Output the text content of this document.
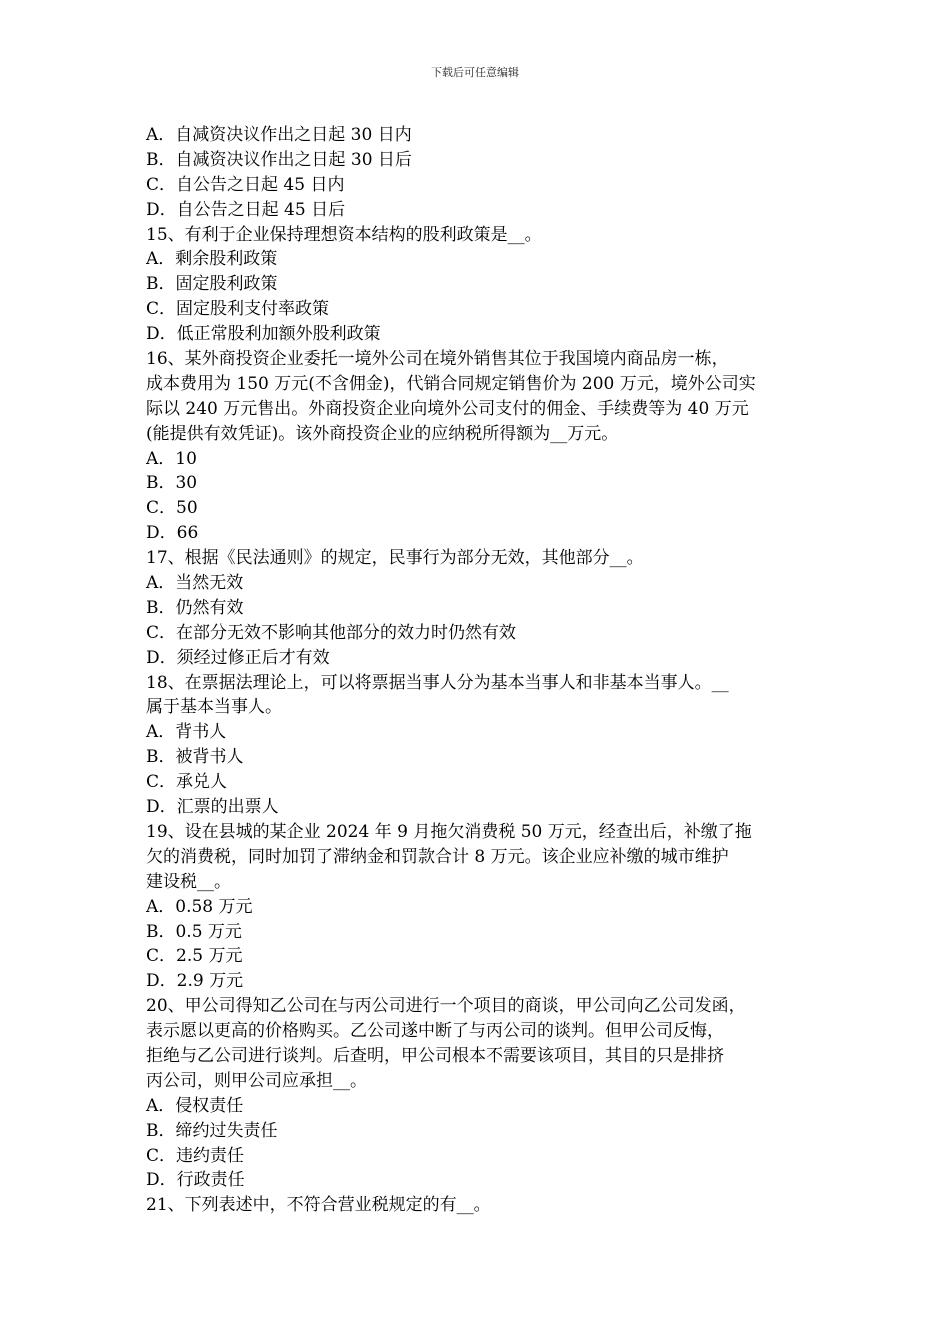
下载后可任意编辑
A．自减资决议作出之日起 30 日内
B．自减资决议作出之日起 30 日后
C．自公告之日起 45 日内
D．自公告之日起 45 日后
15、有利于企业保持理想资本结构的股利政策是__。
A．剩余股利政策
B．固定股利政策
C．固定股利支付率政策
D．低正常股利加额外股利政策
16、某外商投资企业委托一境外公司在境外销售其位于我国境内商品房一栋，
成本费用为 150 万元(不含佣金)，代销合同规定销售价为 200 万元，境外公司实
际以 240 万元售出。外商投资企业向境外公司支付的佣金、手续费等为 40 万元
(能提供有效凭证)。该外商投资企业的应纳税所得额为__万元。
A．10
B．30
C．50
D．66
17、根据《民法通则》的规定，民事行为部分无效，其他部分__。
A．当然无效
B．仍然有效
C．在部分无效不影响其他部分的效力时仍然有效
D．须经过修正后才有效
18、在票据法理论上，可以将票据当事人分为基本当事人和非基本当事人。__
属于基本当事人。
A．背书人
B．被背书人
C．承兑人
D．汇票的出票人
19、设在县城的某企业 2024 年 9 月拖欠消费税 50 万元，经查出后，补缴了拖
欠的消费税，同时加罚了滞纳金和罚款合计 8 万元。该企业应补缴的城市维护
建设税__。
A．0.58 万元
B．0.5 万元
C．2.5 万元
D．2.9 万元
20、甲公司得知乙公司在与丙公司进行一个项目的商谈，甲公司向乙公司发函，
表示愿以更高的价格购买。乙公司遂中断了与丙公司的谈判。但甲公司反悔，
拒绝与乙公司进行谈判。后查明，甲公司根本不需要该项目，其目的只是排挤
丙公司，则甲公司应承担__。
A．侵权责任
B．缔约过失责任
C．违约责任
D．行政责任
21、下列表述中，不符合营业税规定的有__。
